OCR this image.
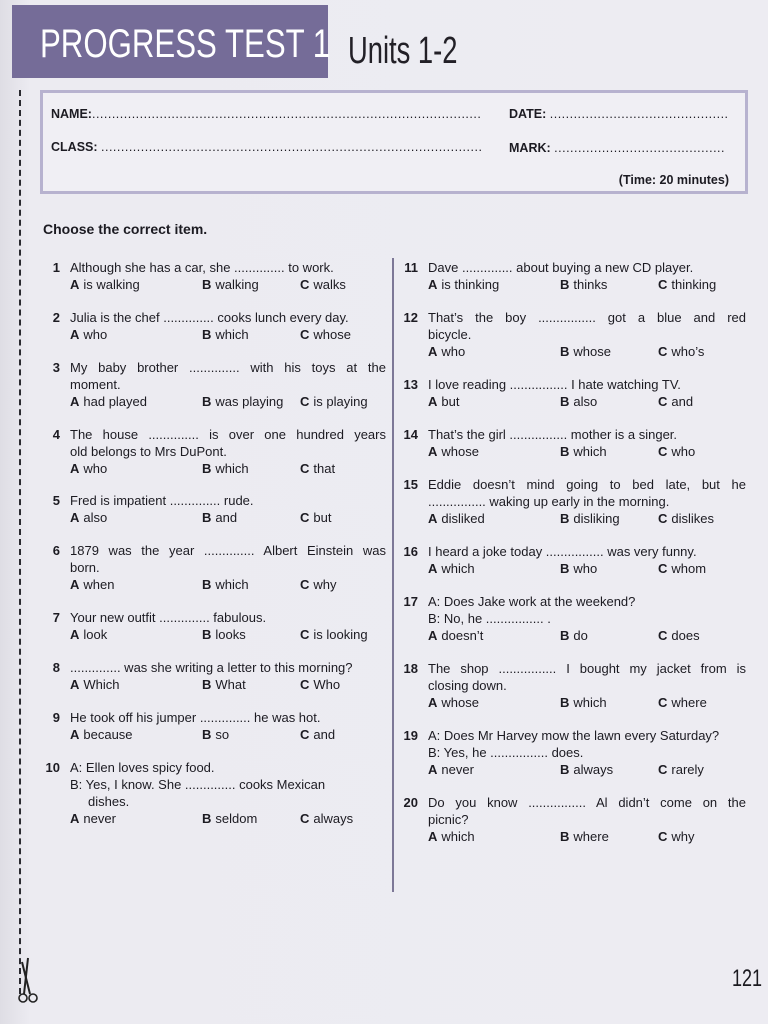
PROGRESS TEST 1 Units 1-2
NAME:.................................................................................................. DATE: .............................................
CLASS: ................................................................................................ MARK: ...........................................
(Time: 20 minutes)
Choose the correct item.
1 Although she has a car, she .............. to work.
A is walking	B walking	C walks
2 Julia is the chef .............. cooks lunch every day.
A who	B which	C whose
3 My baby brother .............. with his toys at the
moment.
A had played	B was playing C is playing
4 The house .............. is over one hundred years
old belongs to Mrs DuPont.
A who	B which	C that
5 Fred is impatient .............. rude.
A also	B and	C but
6 1879 was the year .............. Albert Einstein was
born.
A when	B which	C why
7 Your new outfit .............. fabulous.
A look	B looks	C is looking
8 .............. was she writing a letter to this morning?
A Which	B What	C Who
9 He took off his jumper .............. he was hot.
A because	B so	C and
10 A: Ellen loves spicy food.
B: Yes, I know. She .............. cooks Mexican
dishes.
A never	B seldom	C always
11 Dave .............. about buying a new CD player.
A is thinking	B thinks	C thinking
12 That’s the boy ................ got a blue and red
bicycle.
A who	B whose	C who’s
13 I love reading ................ I hate watching TV.
A but	B also	C and
14 That’s the girl ................ mother is a singer.
A whose	B which	C who
15 Eddie doesn’t mind going to bed late, but he
................ waking up early in the morning.
A disliked	B disliking	C dislikes
16 I heard a joke today ................ was very funny.
A which	B who	C whom
17 A: Does Jake work at the weekend?
B: No, he ................ .
A doesn’t	B do	C does
18 The shop ................ I bought my jacket from is
closing down.
A whose	B which	C where
19 A: Does Mr Harvey mow the lawn every Saturday?
B: Yes, he ................ does.
A never	B always	C rarely
20 Do you know ................ Al didn’t come on the
picnic?
A which	B where	C why
121
